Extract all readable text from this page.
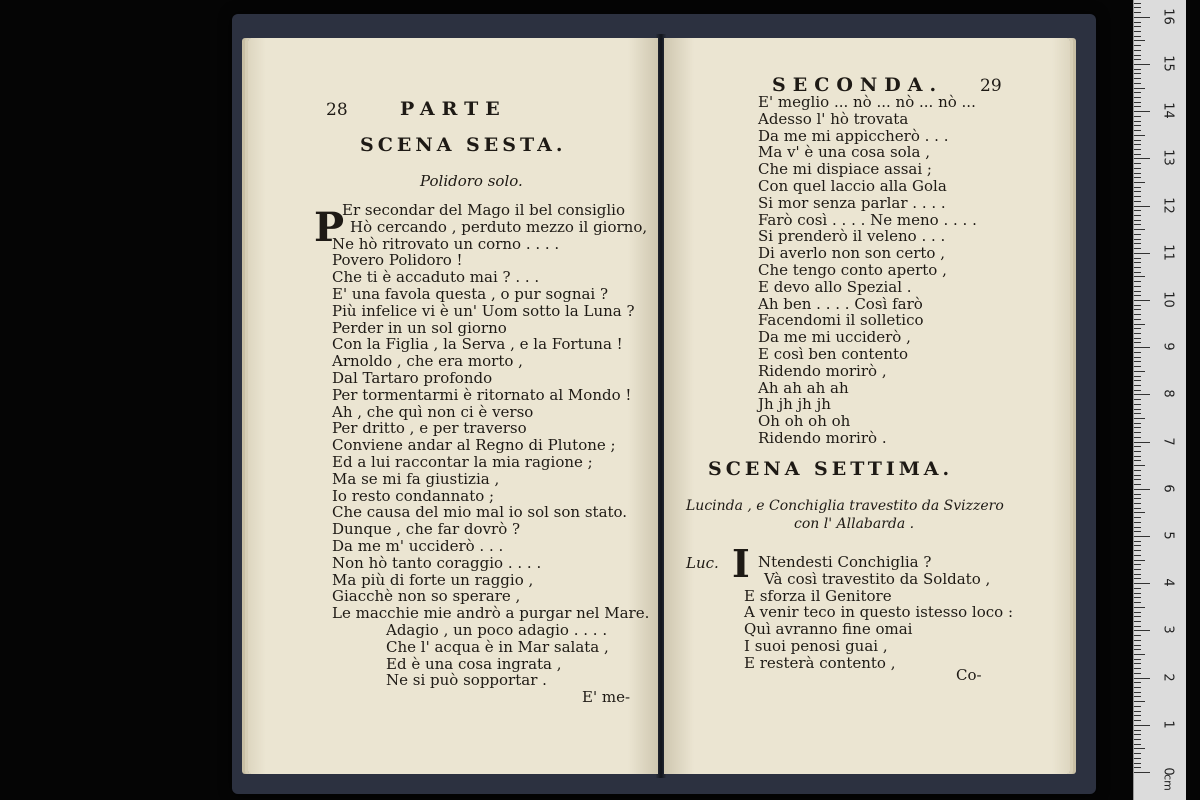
28	PARTE
SCENA SESTA.
Polidoro solo.
P
Er secondar del Mago il bel consiglio
Hò cercando , perduto mezzo il giorno,
Ne hò ritrovato un corno . . . .
Povero Polidoro !
Che ti è accaduto mai ? . . .
E' una favola questa , o pur sognai ?
Più infelice vi è un' Uom sotto la Luna ?
Perder in un sol giorno
Con la Figlia , la Serva , e la Fortuna !
Arnoldo , che era morto ,
Dal Tartaro profondo
Per tormentarmi è ritornato al Mondo !
Ah , che quì non ci è verso
Per dritto , e per traverso
Conviene andar al Regno di Plutone ;
Ed a lui raccontar la mia ragione ;
Ma se mi fa giustizia ,
Io resto condannato ;
Che causa del mio mal io sol son stato.
Dunque , che far dovrò ?
Da me m' ucciderò . . .
Non hò tanto coraggio . . . .
Ma più di forte un raggio ,
Giacchè non so sperare ,
Le macchie mie andrò a purgar nel Mare.
Adagio , un poco adagio . . . .
Che l' acqua è in Mar salata ,
Ed è una cosa ingrata ,
Ne si può sopportar .
E' me-
SECONDA. 29
E' meglio ... nò ... nò ... nò ...
Adesso l' hò trovata
Da me mi appiccherò . . .
Ma v' è una cosa sola ,
Che mi dispiace assai ;
Con quel laccio alla Gola
Si mor senza parlar . . . .
Farò così . . . . Ne meno . . . .
Si prenderò il veleno . . .
Di averlo non son certo ,
Che tengo conto aperto ,
E devo allo Spezial .
Ah ben . . . . Così farò
Facendomi il solletico
Da me mi ucciderò ,
E così ben contento
Ridendo morirò ,
Ah ah ah ah
Jh jh jh jh
Oh oh oh oh
Ridendo morirò .
SCENA SETTIMA.
Lucinda , e Conchiglia travestito da Svizzero
con l' Allabarda .
Luc. I Ntendesti Conchiglia ?
Và così travestito da Soldato ,
E sforza il Genitore
A venir teco in questo istesso loco :
Quì avranno fine omai
I suoi penosi guai ,
E resterà contento ,
Co-
0
1
2
3
4
5
6
7
8
9
10
11
12
13
14
15
16
cm
